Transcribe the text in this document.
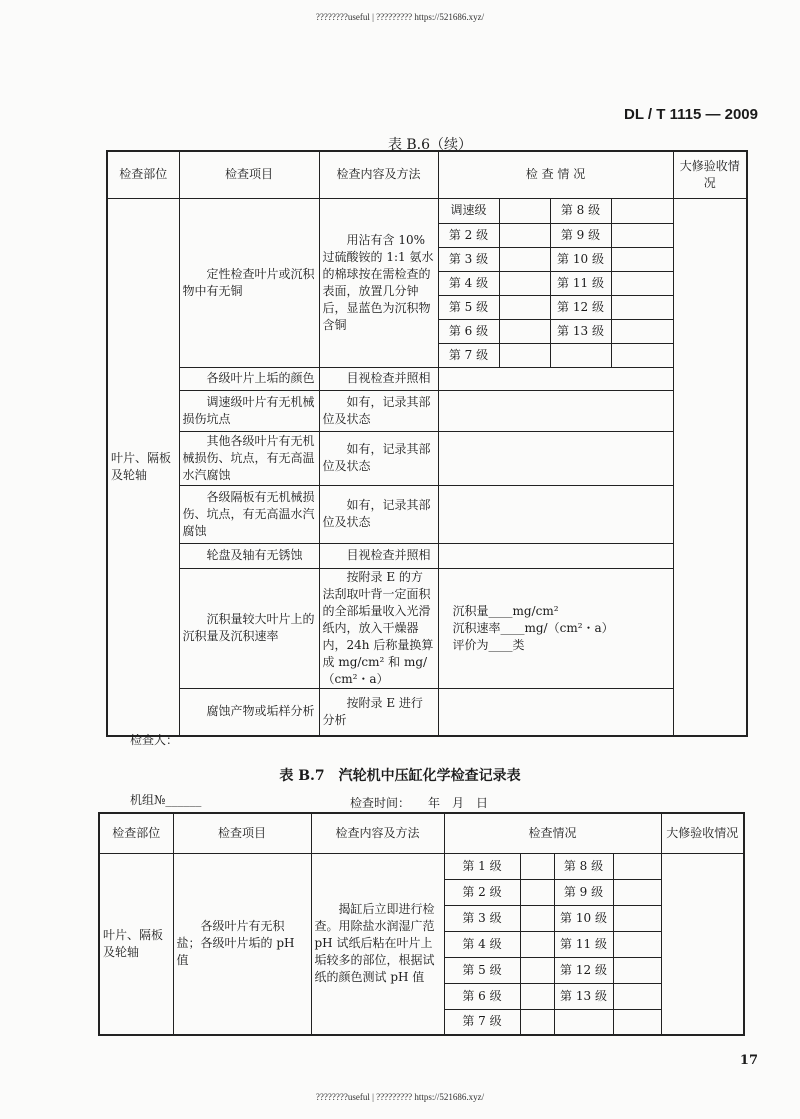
????????useful | ????????? https://521686.xyz/
DL / T 1115 — 2009
表 B.6（续）
检查部位	检查项目	检查内容及方法	检 查 情 况				大修验收情况
叶片、隔板及轮轴	定性检查叶片或沉积物中有无铜	用沾有含 10%过硫酸铵的 1:1 氨水的棉球按在需检查的表面，放置几分钟后，显蓝色为沉积物含铜	调速级		第 8 级		
			第 2 级		第 9 级		
			第 3 级		第 10 级		
			第 4 级		第 11 级		
			第 5 级		第 12 级		
			第 6 级		第 13 级		
			第 7 级				
	各级叶片上垢的颜色	目视检查并照相					
	调速级叶片有无机械损伤坑点	如有，记录其部位及状态					
	其他各级叶片有无机械损伤、坑点，有无高温水汽腐蚀	如有，记录其部位及状态					
	各级隔板有无机械损伤、坑点，有无高温水汽腐蚀	如有，记录其部位及状态					
	轮盘及轴有无锈蚀	目视检查并照相					
	沉积量较大叶片上的沉积量及沉积速率	按附录 E 的方法刮取叶背一定面积的全部垢量收入光滑纸内，放入干燥器内，24h 后称量换算成 mg/cm² 和 mg/（cm²・a）	沉积量____mg/cm²
沉积速率____mg/（cm²・a）
评价为____类				

	腐蚀产物或垢样分析	按附录 E 进行分析					
检查人：
表 B.7　汽轮机中压缸化学检查记录表
机组№______	检查时间：　　年　月　日
检查部位	检查项目	检查内容及方法	检查情况				大修验收情况
叶片、隔板及轮轴	各级叶片有无积盐；各级叶片垢的 pH 值	揭缸后立即进行检查。用除盐水润湿广范 pH 试纸后粘在叶片上垢较多的部位，根据试纸的颜色测试 pH 值	第 1 级		第 8 级		
			第 2 级		第 9 级		
			第 3 级		第 10 级		
			第 4 级		第 11 级		
			第 5 级		第 12 级		
			第 6 级		第 13 级		
			第 7 级				
17
????????useful | ????????? https://521686.xyz/
